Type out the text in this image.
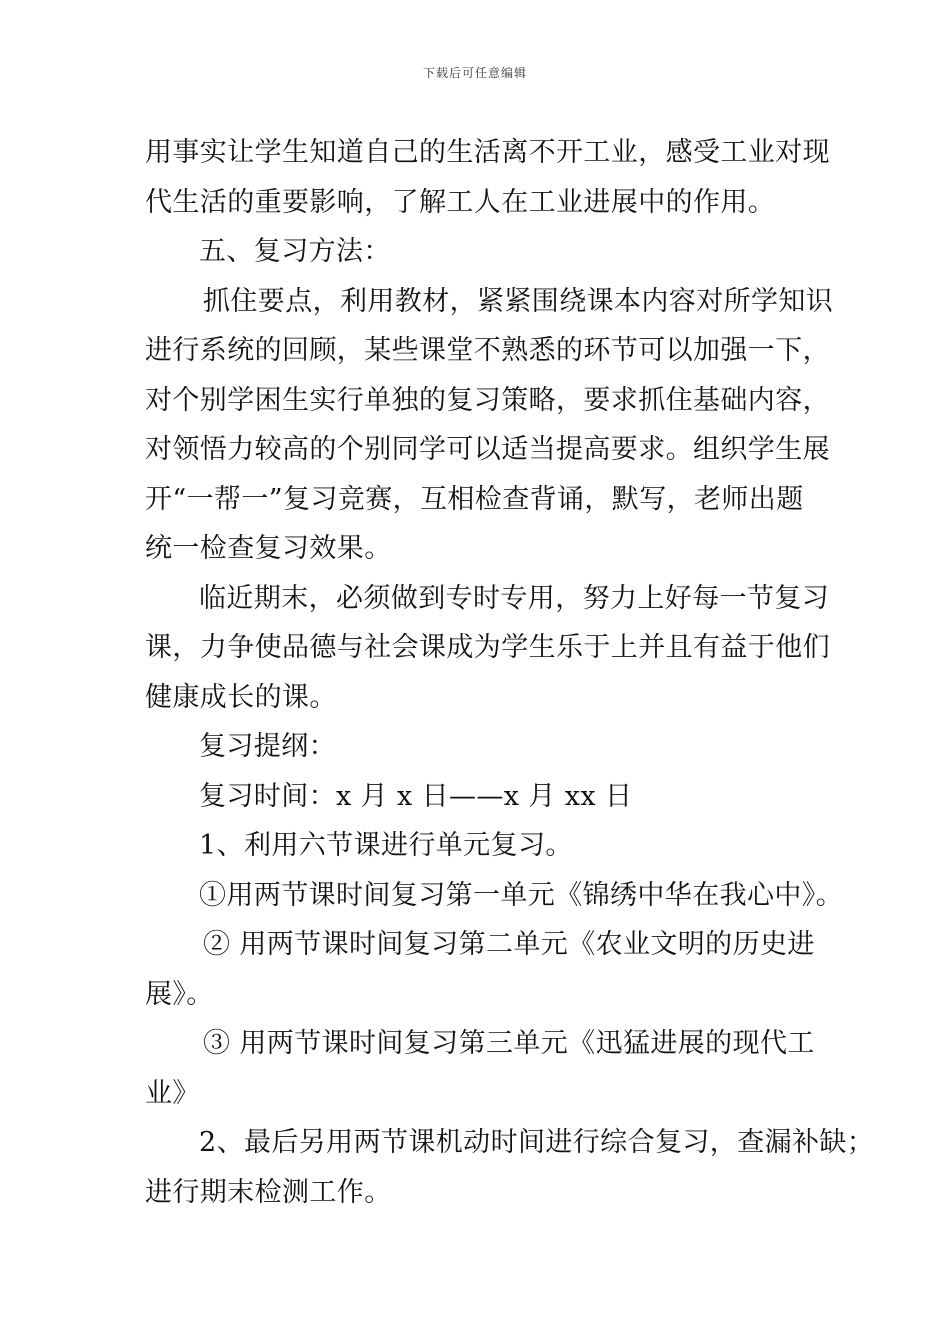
下载后可任意编辑
用事实让学生知道自己的生活离不开工业，感受工业对现
代生活的重要影响，了解工人在工业进展中的作用。
五、复习方法：
抓住要点，利用教材，紧紧围绕课本内容对所学知识
进行系统的回顾，某些课堂不熟悉的环节可以加强一下，
对个别学困生实行单独的复习策略，要求抓住基础内容，
对领悟力较高的个别同学可以适当提高要求。组织学生展
开“一帮一”复习竞赛，互相检查背诵，默写，老师出题
统一检查复习效果。
临近期末，必须做到专时专用，努力上好每一节复习
课，力争使品德与社会课成为学生乐于上并且有益于他们
健康成长的课。
复习提纲：
复习时间：x 月 x 日——x 月 xx 日
1、利用六节课进行单元复习。
①用两节课时间复习第一单元《锦绣中华在我心中》。
② 用两节课时间复习第二单元《农业文明的历史进
展》。
③ 用两节课时间复习第三单元《迅猛进展的现代工
业》
2、最后另用两节课机动时间进行综合复习，查漏补缺；
进行期末检测工作。
